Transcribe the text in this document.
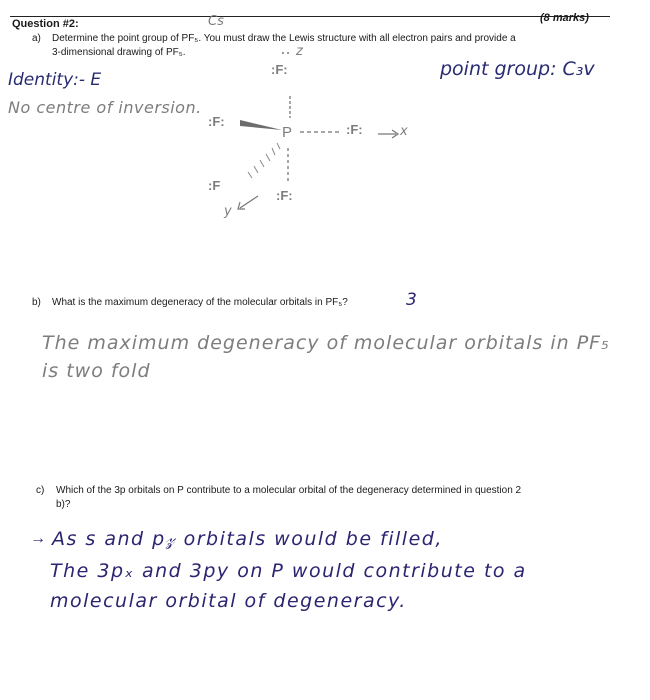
Question #2:	(8 marks)
a) Determine the point group of PF₅. You must draw the Lewis structure with all electron pairs and provide a
3-dimensional drawing of PF₅.
Cs
Identity:- E
No centre of inversion.
point group: C₃v
z
:F:
:F:
P	:F:	x
:F
:F:
y
b) What is the maximum degeneracy of the molecular orbitals in PF₅?	3
The maximum degeneracy of molecular orbitals in PF₅
is two fold
c) Which of the 3p orbitals on P contribute to a molecular orbital of the degeneracy determined in question 2
b)?
→ As s and p𝓏 orbitals would be filled,
The 3pₓ and 3py on P would contribute to a
molecular orbital of degeneracy.
